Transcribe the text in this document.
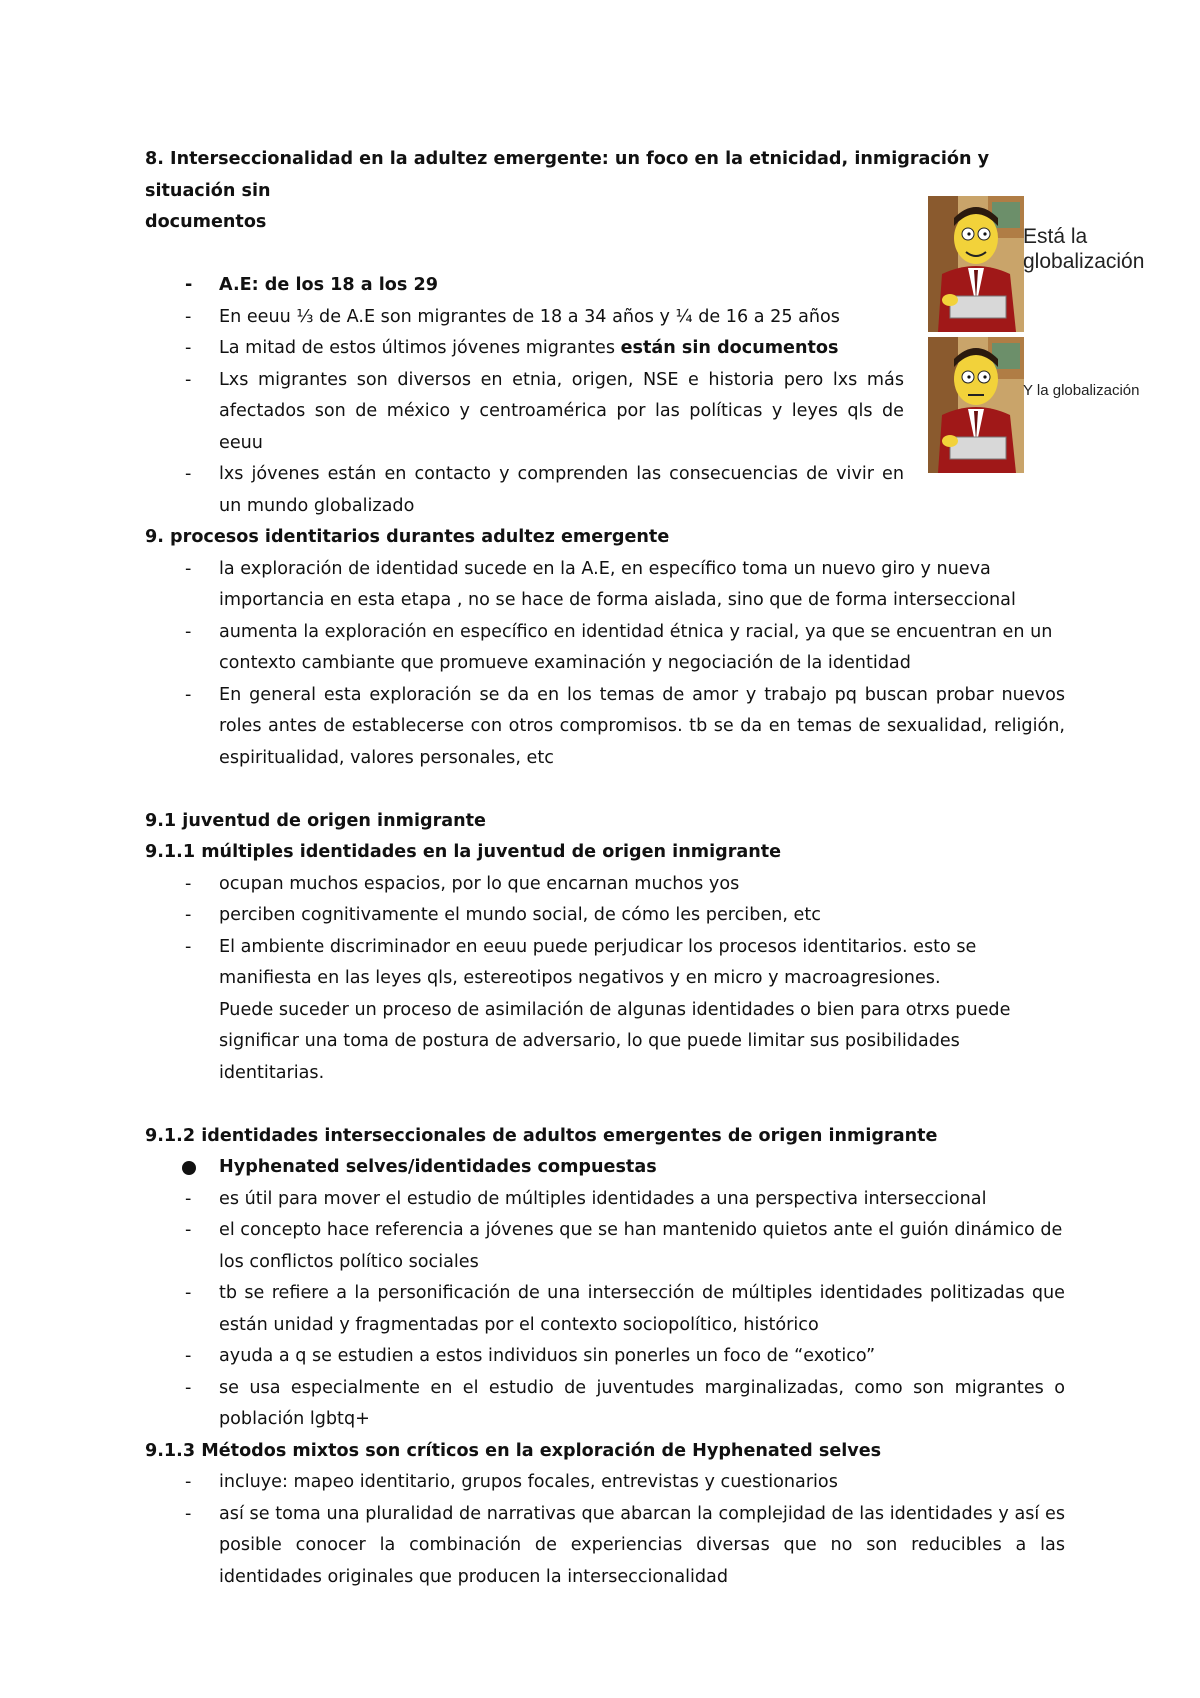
8. Interseccionalidad en la adultez emergente: un foco en la etnicidad, inmigración y situación sin
documentos

- A.E: de los 18 a los 29
- En eeuu ⅓ de A.E son migrantes de 18 a 34 años y ¼ de 16 a 25 años
- La mitad de estos últimos jóvenes migrantes están sin documentos
- Lxs migrantes son diversos en etnia, origen, NSE e historia pero lxs más afectados son de méxico y centroamérica por las políticas y leyes qls de eeuu
- lxs jóvenes están en contacto y comprenden las consecuencias de vivir en un mundo globalizado

9. procesos identitarios durantes adultez emergente

- la exploración de identidad sucede en la A.E, en específico toma un nuevo giro y nueva importancia en esta etapa , no se hace de forma aislada, sino que de forma interseccional
- aumenta la exploración en específico en identidad étnica y racial, ya que se encuentran en un contexto cambiante que promueve examinación y negociación de la identidad
- En general esta exploración se da en los temas de amor y trabajo pq buscan probar nuevos roles antes de establecerse con otros compromisos. tb se da en temas de sexualidad, religión, espiritualidad, valores personales, etc

9.1 juventud de origen inmigrante

9.1.1 múltiples identidades en la juventud de origen inmigrante

- ocupan muchos espacios, por lo que encarnan muchos yos
- perciben cognitivamente el mundo social, de cómo les perciben, etc
- El ambiente discriminador en eeuu puede perjudicar los procesos identitarios. esto se manifiesta en las leyes qls, estereotipos negativos y en micro y macroagresiones.

Puede suceder un proceso de asimilación de algunas identidades o bien para otrxs puede significar una toma de postura de adversario, lo que puede limitar sus posibilidades identitarias.

9.1.2 identidades interseccionales de adultos emergentes de origen inmigrante

Hyphenated selves/identidades compuestas
- es útil para mover el estudio de múltiples identidades a una perspectiva interseccional
- el concepto hace referencia a jóvenes que se han mantenido quietos ante el guión dinámico de los conflictos político sociales
- tb se refiere a la personificación de una intersección de múltiples identidades politizadas que están unidad y fragmentadas por el contexto sociopolítico, histórico
- ayuda a q se estudien a estos individuos sin ponerles un foco de “exotico”
- se usa especialmente en el estudio de juventudes marginalizadas, como son migrantes o población lgbtq+

9.1.3 Métodos mixtos son críticos en la exploración de Hyphenated selves

- incluye: mapeo identitario, grupos focales, entrevistas y cuestionarios
- así se toma una pluralidad de narrativas que abarcan la complejidad de las identidades y así es posible conocer la combinación de experiencias diversas que no son reducibles a las identidades originales que producen la interseccionalidad
Está la globalización
Y la globalización
